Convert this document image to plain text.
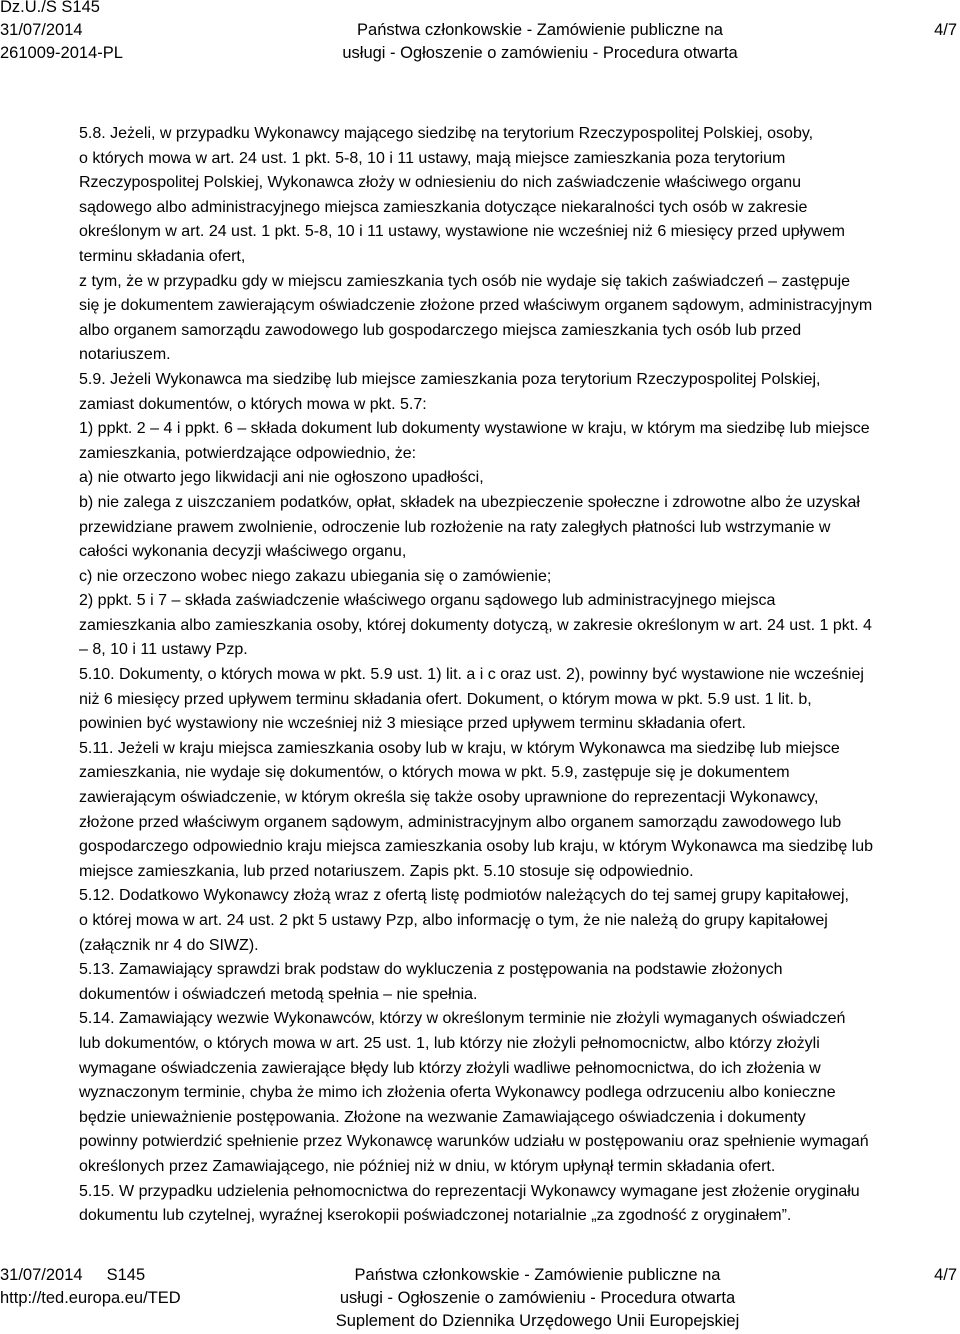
Dz.U./S S145
31/07/2014
261009-2014-PL
Państwa członkowskie - Zamówienie publiczne na
usługi - Ogłoszenie o zamówieniu - Procedura otwarta
4/7

5.8. Jeżeli, w przypadku Wykonawcy mającego siedzibę na terytorium Rzeczypospolitej Polskiej, osoby,

o których mowa w art. 24 ust. 1 pkt. 5-8, 10 i 11 ustawy, mają miejsce zamieszkania poza terytorium

Rzeczypospolitej Polskiej, Wykonawca złoży w odniesieniu do nich zaświadczenie właściwego organu

sądowego albo administracyjnego miejsca zamieszkania dotyczące niekaralności tych osób w zakresie

określonym w art. 24 ust. 1 pkt. 5-8, 10 i 11 ustawy, wystawione nie wcześniej niż 6 miesięcy przed upływem

terminu składania ofert,

z tym, że w przypadku gdy w miejscu zamieszkania tych osób nie wydaje się takich zaświadczeń – zastępuje

się je dokumentem zawierającym oświadczenie złożone przed właściwym organem sądowym, administracyjnym

albo organem samorządu zawodowego lub gospodarczego miejsca zamieszkania tych osób lub przed

notariuszem.

5.9. Jeżeli Wykonawca ma siedzibę lub miejsce zamieszkania poza terytorium Rzeczypospolitej Polskiej,

zamiast dokumentów, o których mowa w pkt. 5.7:

1) ppkt. 2 – 4 i ppkt. 6 – składa dokument lub dokumenty wystawione w kraju, w którym ma siedzibę lub miejsce

zamieszkania, potwierdzające odpowiednio, że:

a) nie otwarto jego likwidacji ani nie ogłoszono upadłości,

b) nie zalega z uiszczaniem podatków, opłat, składek na ubezpieczenie społeczne i zdrowotne albo że uzyskał

przewidziane prawem zwolnienie, odroczenie lub rozłożenie na raty zaległych płatności lub wstrzymanie w

całości wykonania decyzji właściwego organu,

c) nie orzeczono wobec niego zakazu ubiegania się o zamówienie;

2) ppkt. 5 i 7 – składa zaświadczenie właściwego organu sądowego lub administracyjnego miejsca

zamieszkania albo zamieszkania osoby, której dokumenty dotyczą, w zakresie określonym w art. 24 ust. 1 pkt. 4

– 8, 10 i 11 ustawy Pzp.

5.10. Dokumenty, o których mowa w pkt. 5.9 ust. 1) lit. a i c oraz ust. 2), powinny być wystawione nie wcześniej

niż 6 miesięcy przed upływem terminu składania ofert. Dokument, o którym mowa w pkt. 5.9 ust. 1 lit. b,

powinien być wystawiony nie wcześniej niż 3 miesiące przed upływem terminu składania ofert.

5.11. Jeżeli w kraju miejsca zamieszkania osoby lub w kraju, w którym Wykonawca ma siedzibę lub miejsce

zamieszkania, nie wydaje się dokumentów, o których mowa w pkt. 5.9, zastępuje się je dokumentem

zawierającym oświadczenie, w którym określa się także osoby uprawnione do reprezentacji Wykonawcy,

złożone przed właściwym organem sądowym, administracyjnym albo organem samorządu zawodowego lub

gospodarczego odpowiednio kraju miejsca zamieszkania osoby lub kraju, w którym Wykonawca ma siedzibę lub

miejsce zamieszkania, lub przed notariuszem. Zapis pkt. 5.10 stosuje się odpowiednio.

5.12. Dodatkowo Wykonawcy złożą wraz z ofertą listę podmiotów należących do tej samej grupy kapitałowej,

o której mowa w art. 24 ust. 2 pkt 5 ustawy Pzp, albo informację o tym, że nie należą do grupy kapitałowej

(załącznik nr 4 do SIWZ).

5.13. Zamawiający sprawdzi brak podstaw do wykluczenia z postępowania na podstawie złożonych

dokumentów i oświadczeń metodą spełnia – nie spełnia.

5.14. Zamawiający wezwie Wykonawców, którzy w określonym terminie nie złożyli wymaganych oświadczeń

lub dokumentów, o których mowa w art. 25 ust. 1, lub którzy nie złożyli pełnomocnictw, albo którzy złożyli

wymagane oświadczenia zawierające błędy lub którzy złożyli wadliwe pełnomocnictwa, do ich złożenia w

wyznaczonym terminie, chyba że mimo ich złożenia oferta Wykonawcy podlega odrzuceniu albo konieczne

będzie unieważnienie postępowania. Złożone na wezwanie Zamawiającego oświadczenia i dokumenty

powinny potwierdzić spełnienie przez Wykonawcę warunków udziału w postępowaniu oraz spełnienie wymagań

określonych przez Zamawiającego, nie później niż w dniu, w którym upłynął termin składania ofert.

5.15. W przypadku udzielenia pełnomocnictwa do reprezentacji Wykonawcy wymagane jest złożenie oryginału

dokumentu lub czytelnej, wyraźnej kserokopii poświadczonej notarialnie „za zgodność z oryginałem”.

31/07/2014 S145
http://ted.europa.eu/TED
Państwa członkowskie - Zamówienie publiczne na
usługi - Ogłoszenie o zamówieniu - Procedura otwarta
Suplement do Dziennika Urzędowego Unii Europejskiej
4/7
